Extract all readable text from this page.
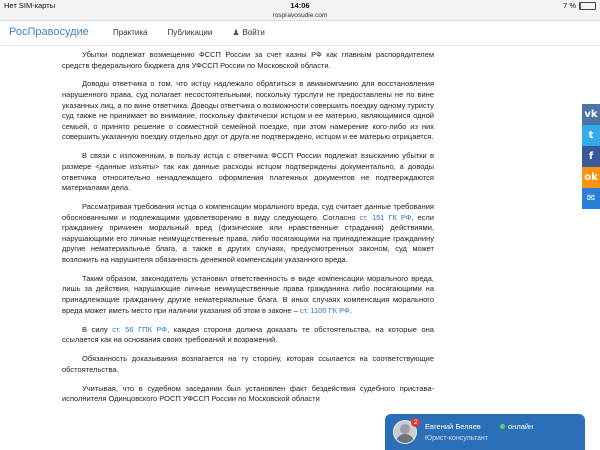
Нет SIM-карты	14:06	7 %
rospravosudie.com
РосПравосудие	Практика	Публикации	♟ Войти

Убытки подлежат возмещению ФССП России за счет казны РФ как главным распорядителем средств федерального бюджета для УФССП России по Московской области.

Доводы ответчика о том, что истцу надлежало обратиться в авиакомпанию для восстановления нарушенного права, суд полагает несостоятельными, поскольку турслуги не предоставлены не по вине указанных лиц, а по вине ответчика. Доводы ответчика о возможности совершить поездку одному туристу суд также не принимает во внимание, поскольку фактически истцом и ее матерью, являющимися одной семьей, о принято решение о совместной семейной поездке, при этом намерение кого-либо из них совершить указанную поездку отдельно друг от друга не подтверждено, истцом и ее матерью отрицается.

В связи с изложенным, в пользу истца с ответчика ФССП России подлежат взысканию убытки в размере <данные изъяты> так как данные расходы истцом подтверждены документально, а доводы ответчика относительно ненадлежащего оформления платежных документов не подтверждаются материалами дела.

Рассматривая требования истца о компенсации морального вреда, суд считает данные требования обоснованными и подлежащими удовлетворению в виду следующего. Согласно ст. 151 ГК РФ, если гражданину причинен моральный вред (физические или нравственные страдания) действиями, нарушающими его личные неимущественные права, либо посягающими на принадлежащие гражданину другие нематериальные блага, а также в других случаях, предусмотренных законом, суд может возложить на нарушителя обязанность денежной компенсации указанного вреда.

Таким образом, законодатель установил ответственность в виде компенсации морального вреда, лишь за действия, нарушающие личные неимущественные права гражданина либо посягающими на принадлежащие гражданину другие нематериальные блага. В иных случаях компенсация морального вреда может иметь место при наличии указания об этом в законе – ст. 1100 ГК РФ.

В силу ст. 56 ГПК РФ, каждая сторона должна доказать те обстоятельства, на которые она ссылается как на основания своих требований и возражений.

Обязанность доказывания возлагается на ту сторону, которая ссылается на соответствующие обстоятельства.

Учитывая, что в судебном заседании был установлен факт бездействия судебного пристава-исполнителя Одинцовского РОСП УФССП России по Московской области

vk
t
f
ok
✉
2	Евгений Беляев	онлайн
Юрист-консультант
